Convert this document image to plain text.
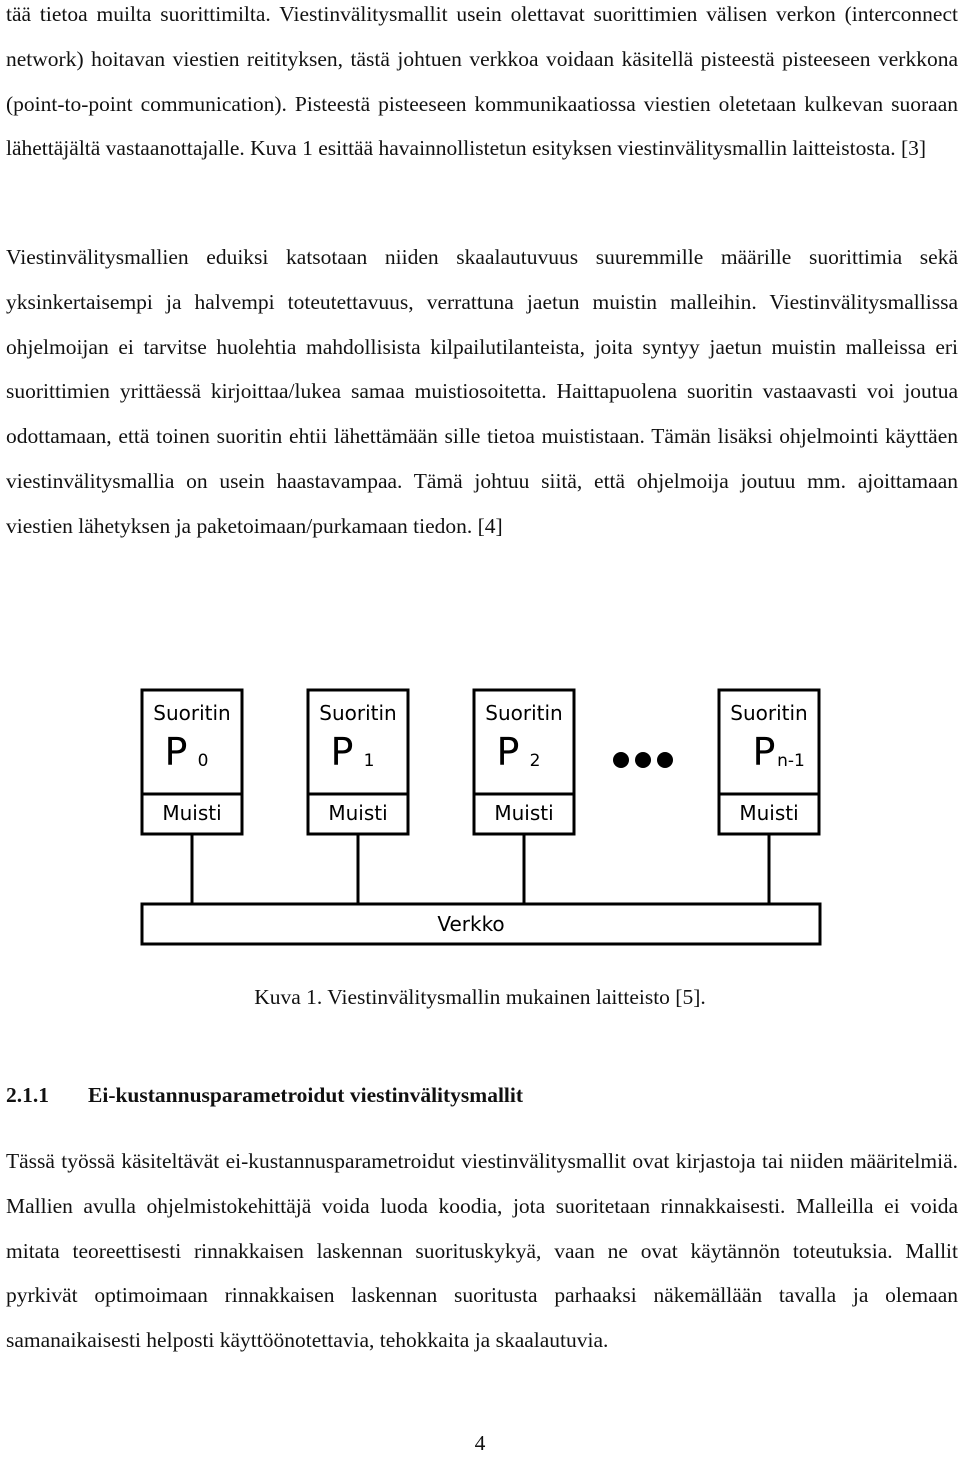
tää tietoa muilta suorittimilta. Viestinvälitysmallit usein olettavat suorittimien välisen verkon (interconnect network) hoitavan viestien reitityksen, tästä johtuen verkkoa voidaan käsitellä pisteestä pisteeseen verkkona (point-to-point communication). Pisteestä pisteeseen kommunikaatiossa viestien oletetaan kulkevan suoraan lähettäjältä vastaanottajalle. Kuva 1 esittää havainnollistetun esityksen viestinvälitysmallin laitteistosta. [3]

Viestinvälitysmallien eduiksi katsotaan niiden skaalautuvuus suuremmille määrille suorittimia sekä yksinkertaisempi ja halvempi toteutettavuus, verrattuna jaetun muistin malleihin. Viestinvälitysmallissa ohjelmoijan ei tarvitse huolehtia mahdollisista kilpailutilanteista, joita syntyy jaetun muistin malleissa eri suorittimien yrittäessä kirjoittaa/lukea samaa muistiosoitetta. Haittapuolena suoritin vastaavasti voi joutua odottamaan, että toinen suoritin ehtii lähettämään sille tietoa muististaan. Tämän lisäksi ohjelmointi käyttäen viestinvälitysmallia on usein haastavampaa. Tämä johtuu siitä, että ohjelmoija joutuu mm. ajoittamaan viestien lähetyksen ja paketoimaan/purkamaan tiedon. [4]

Suoritin
P 0
Muisti
Suoritin
P 1
Muisti
Suoritin
P 2
Muisti
Suoritin
P n-1
Muisti
Verkko
Kuva 1. Viestinvälitysmallin mukainen laitteisto [5].
2.1.1 Ei-kustannusparametroidut viestinvälitysmallit

Tässä työssä käsiteltävät ei-kustannusparametroidut viestinvälitysmallit ovat kirjastoja tai niiden määritelmiä. Mallien avulla ohjelmistokehittäjä voida luoda koodia, jota suoritetaan rinnakkaisesti. Malleilla ei voida mitata teoreettisesti rinnakkaisen laskennan suorituskykyä, vaan ne ovat käytännön toteutuksia. Mallit pyrkivät optimoimaan rinnakkaisen laskennan suoritusta parhaaksi näkemällään tavalla ja olemaan samanaikaisesti helposti käyttöönotettavia, tehokkaita ja skaalautuvia.

4
